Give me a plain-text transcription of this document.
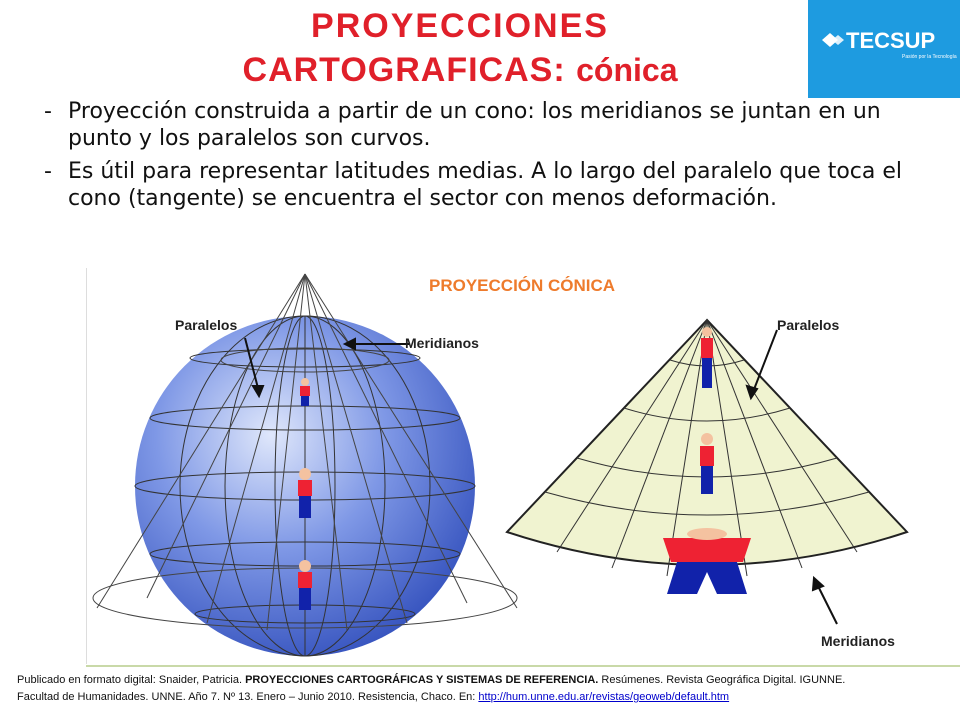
PROYECCIONES
CARTOGRAFICAS: cónica
TECSUP
Pasión por la Tecnología
- Proyección construida a partir de un cono: los meridianos se juntan en un punto y los paralelos son curvos.
- Es útil para representar latitudes medias. A lo largo del paralelo que toca el cono (tangente) se encuentra el sector con menos deformación.
PROYECCIÓN CÓNICA
Paralelos
Meridianos
Paralelos
Meridianos
Publicado en formato digital: Snaider, Patricia. PROYECCIONES CARTOGRÁFICAS Y SISTEMAS DE REFERENCIA. Resúmenes. Revista Geográfica Digital. IGUNNE.
Facultad de Humanidades. UNNE. Año 7. Nº 13. Enero – Junio 2010. Resistencia, Chaco. En: http://hum.unne.edu.ar/revistas/geoweb/default.htm
